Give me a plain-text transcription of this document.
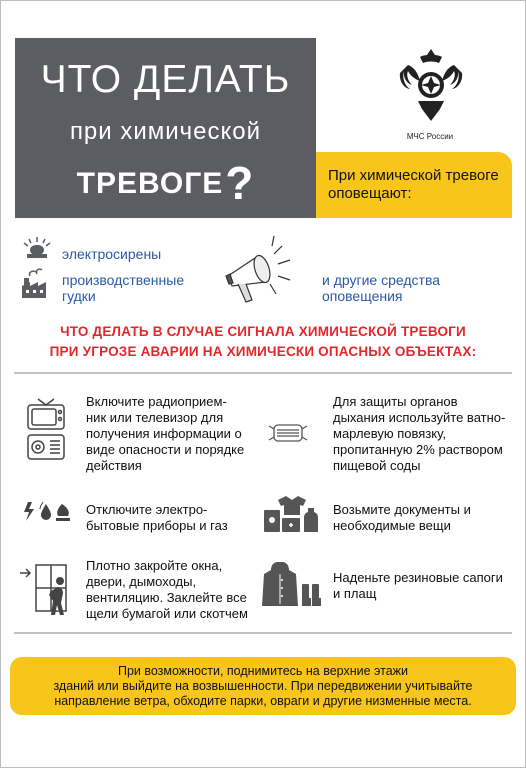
ЧТО ДЕЛАТЬ
при химической
ТРЕВОГЕ?
МЧС России
При химической тревоге оповещают:
электросирены
производственные гудки
и другие средства оповещения
ЧТО ДЕЛАТЬ В СЛУЧАЕ СИГНАЛА ХИМИЧЕСКОЙ ТРЕВОГИ
ПРИ УГРОЗЕ АВАРИИ НА ХИМИЧЕСКИ ОПАСНЫХ ОБЪЕКТАХ:
Включите радиоприем-ник или телевизор для получения информации о виде опасности и порядке действия
Для защиты органов дыхания используйте ватно-марлевую повязку, пропитанную 2% раствором пищевой соды
Отключите электро-бытовые приборы и газ
Возьмите документы и необходимые вещи
Плотно закройте окна, двери, дымоходы, вентиляцию. Заклейте все щели бумагой или скотчем
Наденьте резиновые сапоги и плащ
При возможности, поднимитесь на верхние этажи
зданий или выйдите на возвышенности. При передвижении учитывайте
направление ветра, обходите парки, овраги и другие низменные места.
